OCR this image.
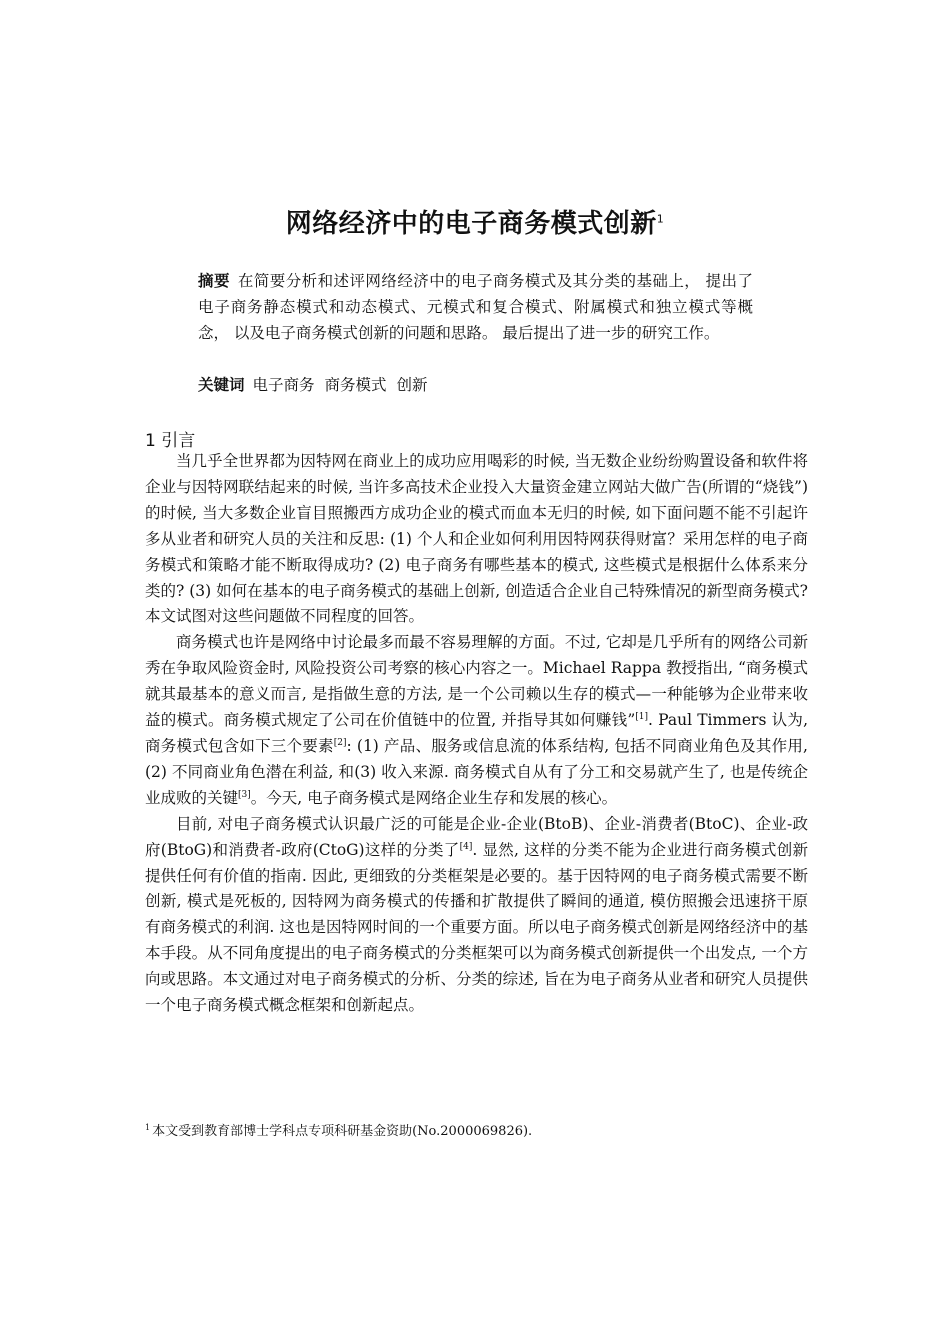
网络经济中的电子商务模式创新$^1$
摘要 在简要分析和述评网络经济中的电子商务模式及其分类的基础上， 提出了电子商务静态模式和动态模式、元模式和复合模式、附属模式和独立模式等概念， 以及电子商务模式创新的问题和思路。 最后提出了进一步的研究工作。
关键词 电子商务 商务模式 创新
1 引言

当几乎全世界都为因特网在商业上的成功应用喝彩的时候, 当无数企业纷纷购置设备和软件将企业与因特网联结起来的时候, 当许多高技术企业投入大量资金建立网站大做广告(所谓的“烧钱”)的时候, 当大多数企业盲目照搬西方成功企业的模式而血本无归的时候, 如下面问题不能不引起许多从业者和研究人员的关注和反思: (1) 个人和企业如何利用因特网获得财富？采用怎样的电子商务模式和策略才能不断取得成功? (2) 电子商务有哪些基本的模式, 这些模式是根据什么体系来分类的? (3) 如何在基本的电子商务模式的基础上创新, 创造适合企业自己特殊情况的新型商务模式? 本文试图对这些问题做不同程度的回答。

商务模式也许是网络中讨论最多而最不容易理解的方面。不过, 它却是几乎所有的网络公司新秀在争取风险资金时, 风险投资公司考察的核心内容之一。Michael Rappa 教授指出, “商务模式就其最基本的意义而言, 是指做生意的方法, 是一个公司赖以生存的模式—一种能够为企业带来收益的模式。商务模式规定了公司在价值链中的位置, 并指导其如何赚钱”[1]. Paul Timmers 认为, 商务模式包含如下三个要素[2]: (1) 产品、服务或信息流的体系结构, 包括不同商业角色及其作用, (2) 不同商业角色潜在利益, 和(3) 收入来源. 商务模式自从有了分工和交易就产生了, 也是传统企业成败的关键[3]。今天, 电子商务模式是网络企业生存和发展的核心。

目前, 对电子商务模式认识最广泛的可能是企业-企业(BtoB)、企业-消费者(BtoC)、企业-政府(BtoG)和消费者-政府(CtoG)这样的分类了[4]. 显然, 这样的分类不能为企业进行商务模式创新提供任何有价值的指南. 因此, 更细致的分类框架是必要的。基于因特网的电子商务模式需要不断创新, 模式是死板的, 因特网为商务模式的传播和扩散提供了瞬间的通道, 模仿照搬会迅速挤干原有商务模式的利润. 这也是因特网时间的一个重要方面。所以电子商务模式创新是网络经济中的基本手段。从不同角度提出的电子商务模式的分类框架可以为商务模式创新提供一个出发点, 一个方向或思路。本文通过对电子商务模式的分析、分类的综述, 旨在为电子商务从业者和研究人员提供一个电子商务模式概念框架和创新起点。

$^1$ 本文受到教育部博士学科点专项科研基金资助(No.2000069826).
